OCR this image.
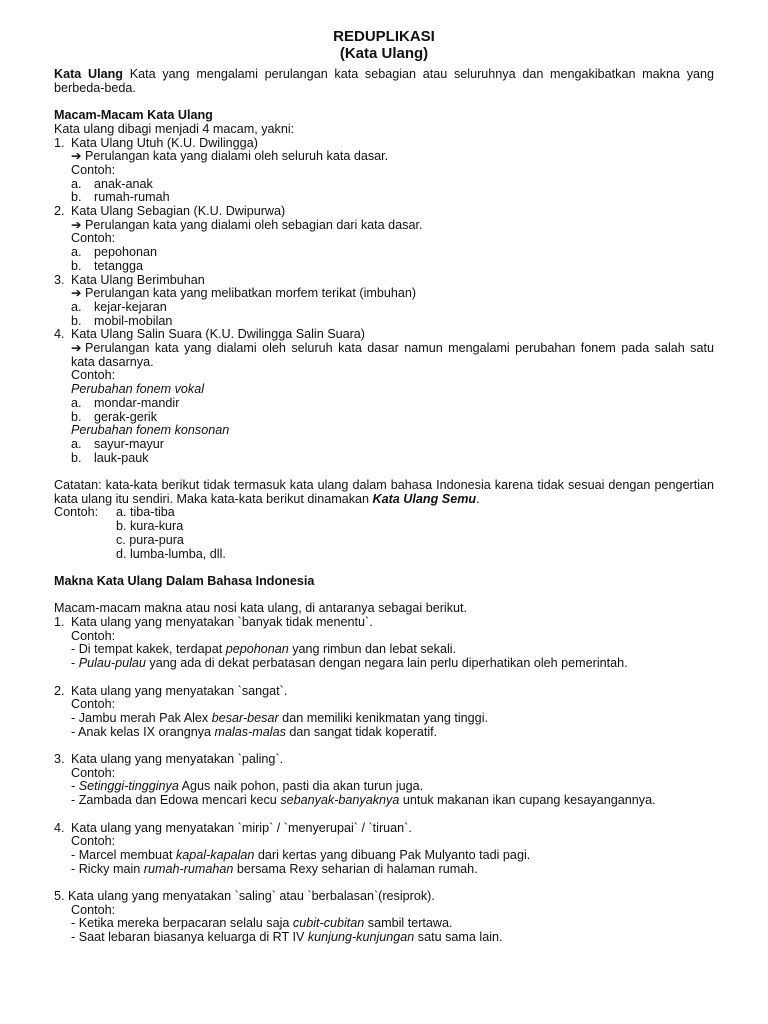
REDUPLIKASI
(Kata Ulang)

Kata Ulang Kata yang mengalami perulangan kata sebagian atau seluruhnya dan mengakibatkan makna yang berbeda-beda.

Macam-Macam Kata Ulang

Kata ulang dibagi menjadi 4 macam, yakni:

1. Kata Ulang Utuh (K.U. Dwilingga)

➔ Perulangan kata yang dialami oleh seluruh kata dasar.

Contoh:

a. anak-anak
b. rumah-rumah
2. Kata Ulang Sebagian (K.U. Dwipurwa)

➔ Perulangan kata yang dialami oleh sebagian dari kata dasar.

Contoh:

a. pepohonan
b. tetangga
3. Kata Ulang Berimbuhan

➔ Perulangan kata yang melibatkan morfem terikat (imbuhan)

a. kejar-kejaran
b. mobil-mobilan
4. Kata Ulang Salin Suara (K.U. Dwilingga Salin Suara)

➔ Perulangan kata yang dialami oleh seluruh kata dasar namun mengalami perubahan fonem pada salah satu kata dasarnya.

Contoh:

Perubahan fonem vokal

a. mondar-mandir
b. gerak-gerik

Perubahan fonem konsonan

a. sayur-mayur
b. lauk-pauk

Catatan: kata-kata berikut tidak termasuk kata ulang dalam bahasa Indonesia karena tidak sesuai dengan pengertian kata ulang itu sendiri. Maka kata-kata berikut dinamakan Kata Ulang Semu.

Contoh:	a. tiba-tiba

b. kura-kura

c. pura-pura

d. lumba-lumba, dll.

Makna Kata Ulang Dalam Bahasa Indonesia

Macam-macam makna atau nosi kata ulang, di antaranya sebagai berikut.

1. Kata ulang yang menyatakan `banyak tidak menentu`.

Contoh:

- Di tempat kakek, terdapat pepohonan yang rimbun dan lebat sekali.

- Pulau-pulau yang ada di dekat perbatasan dengan negara lain perlu diperhatikan oleh pemerintah.

2. Kata ulang yang menyatakan `sangat`.

Contoh:

- Jambu merah Pak Alex besar-besar dan memiliki kenikmatan yang tinggi.

- Anak kelas IX orangnya malas-malas dan sangat tidak koperatif.

3. Kata ulang yang menyatakan `paling`.

Contoh:

- Setinggi-tingginya Agus naik pohon, pasti dia akan turun juga.

- Zambada dan Edowa mencari kecu sebanyak-banyaknya untuk makanan ikan cupang kesayangannya.

4. Kata ulang yang menyatakan `mirip` / `menyerupai` / `tiruan`.

Contoh:

- Marcel membuat kapal-kapalan dari kertas yang dibuang Pak Mulyanto tadi pagi.

- Ricky main rumah-rumahan bersama Rexy seharian di halaman rumah.

5. Kata ulang yang menyatakan `saling` atau `berbalasan`(resiprok).

Contoh:

- Ketika mereka berpacaran selalu saja cubit-cubitan sambil tertawa.

- Saat lebaran biasanya keluarga di RT IV kunjung-kunjungan satu sama lain.
